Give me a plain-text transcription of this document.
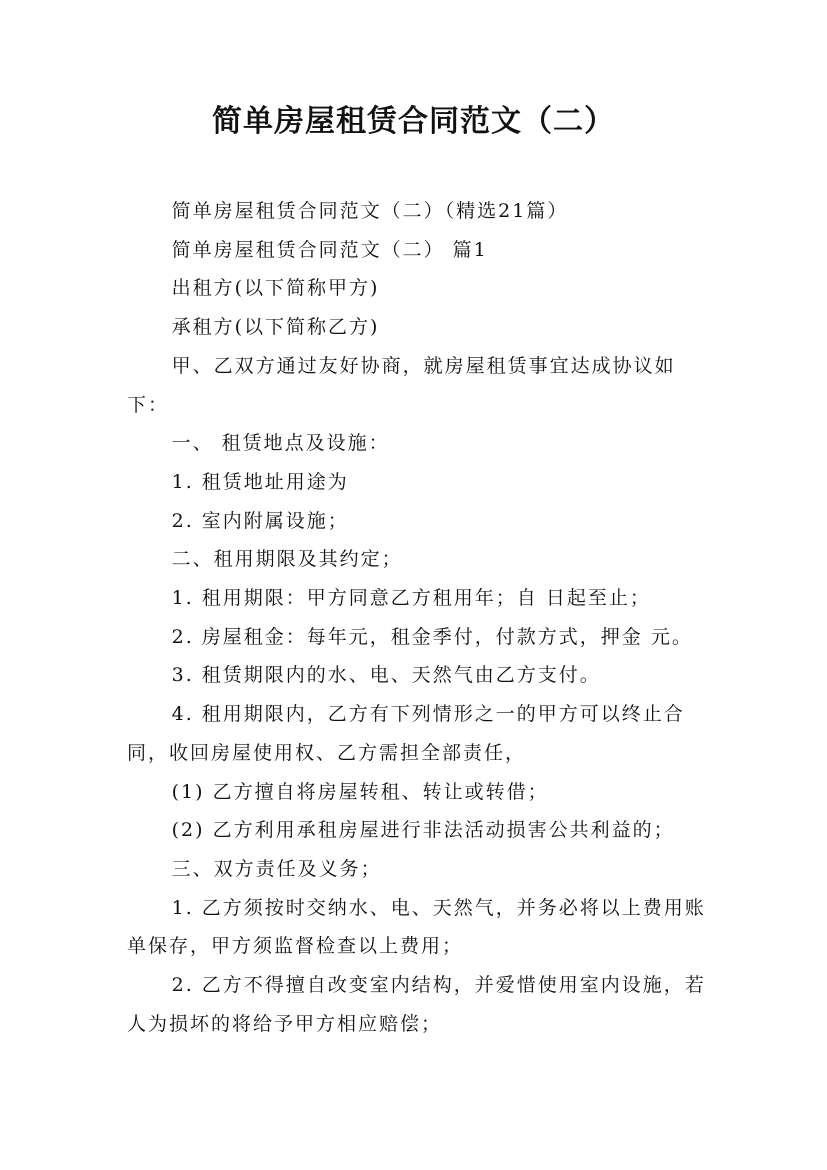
简单房屋租赁合同范文（二）

简单房屋租赁合同范文（二）（精选21篇）

简单房屋租赁合同范文（二） 篇1

出租方(以下简称甲方)

承租方(以下简称乙方)

甲、乙双方通过友好协商，就房屋租赁事宜达成协议如下：

一、 租赁地点及设施：

1. 租赁地址用途为

2. 室内附属设施；

二、租用期限及其约定；

1. 租用期限：甲方同意乙方租用年；自 日起至止；

2. 房屋租金：每年元，租金季付，付款方式，押金 元。

3. 租赁期限内的水、电、天然气由乙方支付。

4. 租用期限内，乙方有下列情形之一的甲方可以终止合同，收回房屋使用权、乙方需担全部责任，

(1) 乙方擅自将房屋转租、转让或转借；

(2) 乙方利用承租房屋进行非法活动损害公共利益的；

三、双方责任及义务；

1. 乙方须按时交纳水、电、天然气，并务必将以上费用账单保存，甲方须监督检查以上费用；

2. 乙方不得擅自改变室内结构，并爱惜使用室内设施，若人为损坏的将给予甲方相应赔偿；
